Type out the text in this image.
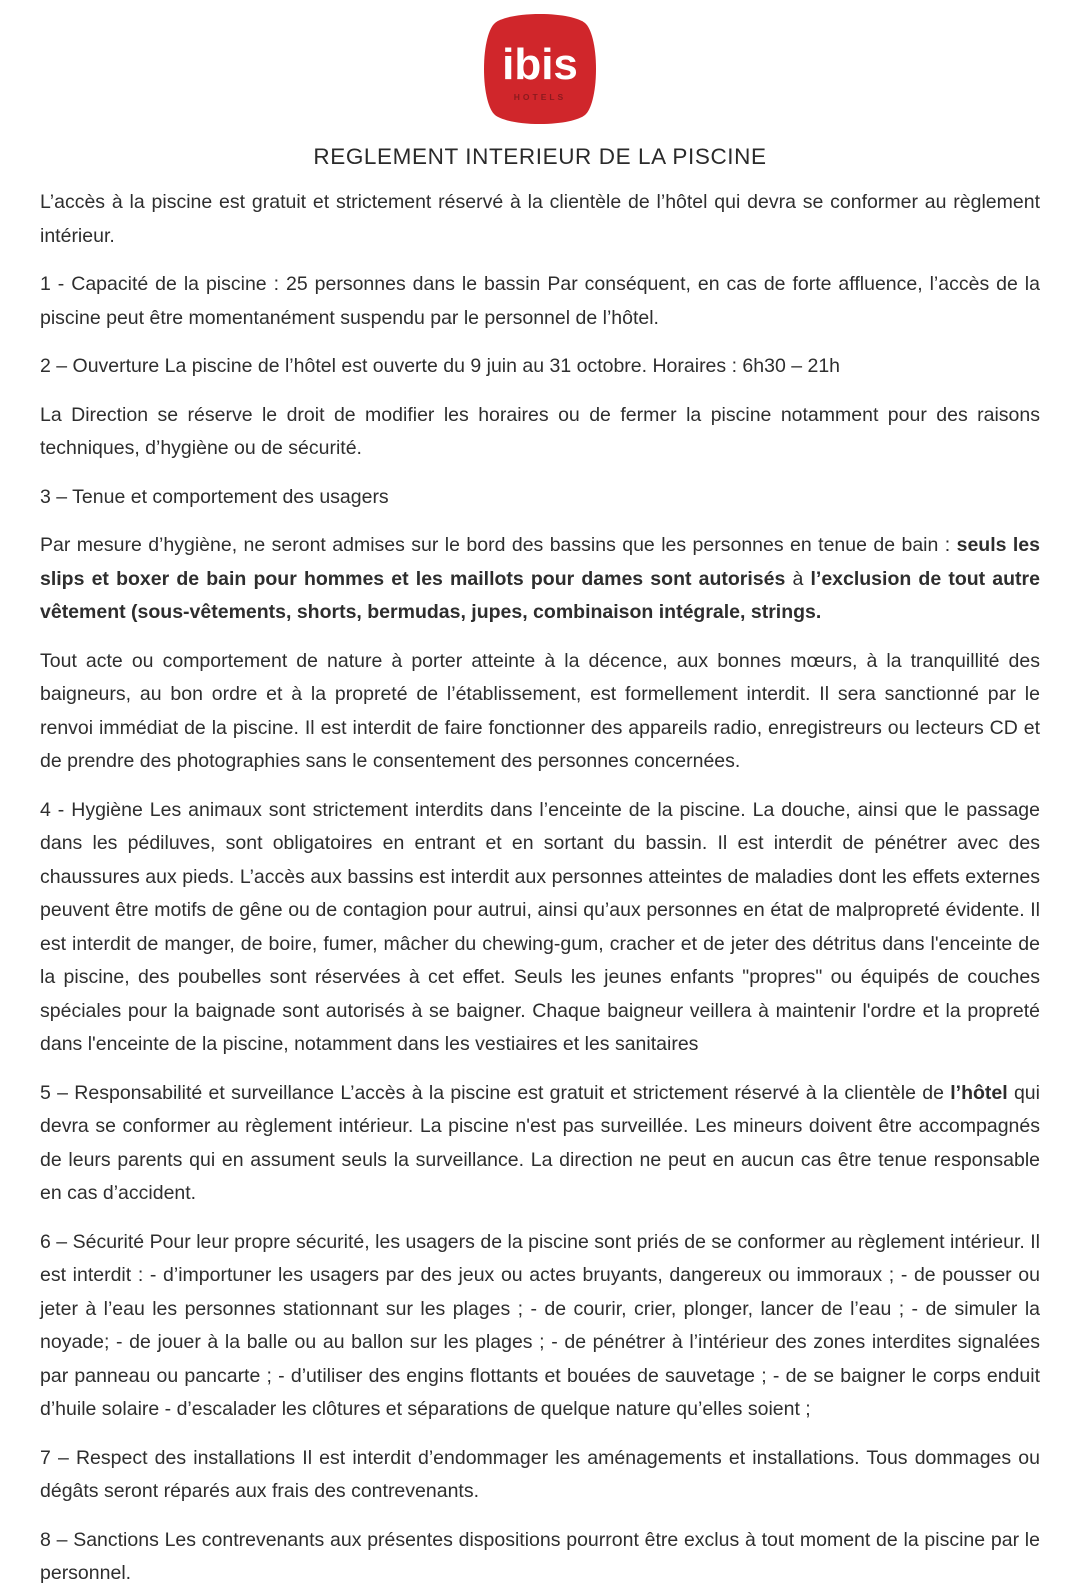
ibis
HOTELS
REGLEMENT INTERIEUR DE LA PISCINE

L’accès à la piscine est gratuit et strictement réservé à la clientèle de l’hôtel qui devra se conformer au règlement intérieur.

1 - Capacité de la piscine : 25 personnes dans le bassin Par conséquent, en cas de forte affluence, l’accès de la piscine peut être momentanément suspendu par le personnel de l’hôtel.

2 – Ouverture La piscine de l’hôtel est ouverte du 9 juin au 31 octobre. Horaires : 6h30 – 21h

La Direction se réserve le droit de modifier les horaires ou de fermer la piscine notamment pour des raisons techniques, d’hygiène ou de sécurité.

3 – Tenue et comportement des usagers

Par mesure d’hygiène, ne seront admises sur le bord des bassins que les personnes en tenue de bain : seuls les slips et boxer de bain pour hommes et les maillots pour dames sont autorisés à l’exclusion de tout autre vêtement (sous-vêtements, shorts, bermudas, jupes, combinaison intégrale, strings.

Tout acte ou comportement de nature à porter atteinte à la décence, aux bonnes mœurs, à la tranquillité des baigneurs, au bon ordre et à la propreté de l’établissement, est formellement interdit. Il sera sanctionné par le renvoi immédiat de la piscine. Il est interdit de faire fonctionner des appareils radio, enregistreurs ou lecteurs CD et de prendre des photographies sans le consentement des personnes concernées.

4 - Hygiène Les animaux sont strictement interdits dans l’enceinte de la piscine. La douche, ainsi que le passage dans les pédiluves, sont obligatoires en entrant et en sortant du bassin. Il est interdit de pénétrer avec des chaussures aux pieds. L’accès aux bassins est interdit aux personnes atteintes de maladies dont les effets externes peuvent être motifs de gêne ou de contagion pour autrui, ainsi qu’aux personnes en état de malpropreté évidente. Il est interdit de manger, de boire, fumer, mâcher du chewing-gum, cracher et de jeter des détritus dans l'enceinte de la piscine, des poubelles sont réservées à cet effet. Seuls les jeunes enfants "propres" ou équipés de couches spéciales pour la baignade sont autorisés à se baigner. Chaque baigneur veillera à maintenir l'ordre et la propreté dans l'enceinte de la piscine, notamment dans les vestiaires et les sanitaires

5 – Responsabilité et surveillance L’accès à la piscine est gratuit et strictement réservé à la clientèle de l’hôtel qui devra se conformer au règlement intérieur. La piscine n'est pas surveillée. Les mineurs doivent être accompagnés de leurs parents qui en assument seuls la surveillance. La direction ne peut en aucun cas être tenue responsable en cas d’accident.

6 – Sécurité Pour leur propre sécurité, les usagers de la piscine sont priés de se conformer au règlement intérieur. Il est interdit : - d’importuner les usagers par des jeux ou actes bruyants, dangereux ou immoraux ; - de pousser ou jeter à l’eau les personnes stationnant sur les plages ; - de courir, crier, plonger, lancer de l’eau ; - de simuler la noyade; - de jouer à la balle ou au ballon sur les plages ; - de pénétrer à l’intérieur des zones interdites signalées par panneau ou pancarte ; - d’utiliser des engins flottants et bouées de sauvetage ; - de se baigner le corps enduit d’huile solaire - d’escalader les clôtures et séparations de quelque nature qu’elles soient ;

7 – Respect des installations Il est interdit d’endommager les aménagements et installations. Tous dommages ou dégâts seront réparés aux frais des contrevenants.

8 – Sanctions Les contrevenants aux présentes dispositions pourront être exclus à tout moment de la piscine par le personnel.
